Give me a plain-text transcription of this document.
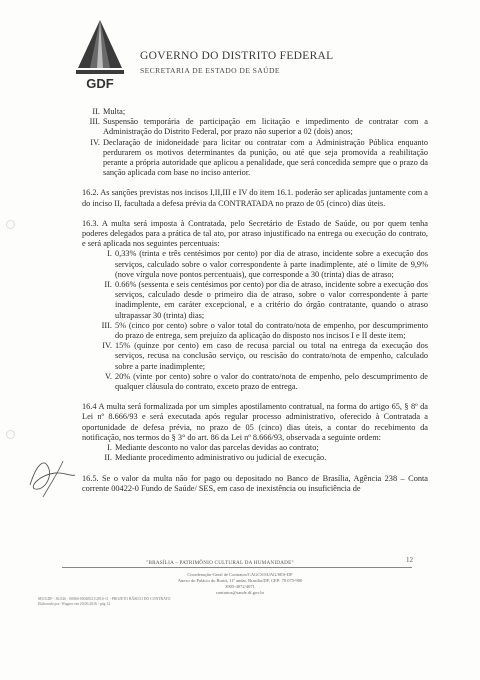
GDF
GOVERNO DO DISTRITO FEDERAL
SECRETARIA DE ESTADO DE SAÚDE
II. Multa;
III. Suspensão temporária de participação em licitação e impedimento de contratar com a Administração do Distrito Federal, por prazo não superior a 02 (dois) anos;
IV. Declaração de inidoneidade para licitar ou contratar com a Administração Pública enquanto perdurarem os motivos determinantes da punição, ou até que seja promovida a reabilitação perante a própria autoridade que aplicou a penalidade, que será concedida sempre que o prazo da sanção aplicada com base no inciso anterior.

16.2. As sanções previstas nos incisos I,II,III e IV do item 16.1. poderão ser aplicadas juntamente com a do inciso II, facultada a defesa prévia da CONTRATADA no prazo de 05 (cinco) dias úteis.

16.3. A multa será imposta à Contratada, pelo Secretário de Estado de Saúde, ou por quem tenha poderes delegados para a prática de tal ato, por atraso injustificado na entrega ou execução do contrato, e será aplicada nos seguintes percentuais:

I. 0,33% (trinta e três centésimos por cento) por dia de atraso, incidente sobre a execução dos serviços, calculado sobre o valor correspondente à parte inadimplente, até o limite de 9,9% (nove vírgula nove pontos percentuais), que corresponde a 30 (trinta) dias de atraso;
II. 0.66% (sessenta e seis centésimos por cento) por dia de atraso, incidente sobre a execução dos serviços, calculado desde o primeiro dia de atraso, sobre o valor correspondente à parte inadimplente, em caráter excepcional, e a critério do órgão contratante, quando o atraso ultrapassar 30 (trinta) dias;
III. 5% (cinco por cento) sobre o valor total do contrato/nota de empenho, por descumprimento do prazo de entrega, sem prejuízo da aplicação do disposto nos incisos I e II deste item;
IV. 15% (quinze por cento) em caso de recusa parcial ou total na entrega da execução dos serviços, recusa na conclusão serviço, ou rescisão do contrato/nota de empenho, calculado sobre a parte inadimplente;
V. 20% (vinte por cento) sobre o valor do contrato/nota de empenho, pelo descumprimento de qualquer cláusula do contrato, exceto prazo de entrega.

16.4 A multa será formalizada por um simples apostilamento contratual, na forma do artigo 65, § 8º da Lei nº 8.666/93 e será executada após regular processo administrativo, oferecido à Contratada a oportunidade de defesa prévia, no prazo de 05 (cinco) dias úteis, a contar do recebimento da notificação, nos termos do § 3° do art. 86 da Lei nº 8.666/93, observada a seguinte ordem:

I. Mediante desconto no valor das parcelas devidas ao contrato;
II. Mediante procedimento administrativo ou judicial de execução.

16.5. Se o valor da multa não for pago ou depositado no Banco de Brasília, Agência 238 – Conta corrente 00422-0 Fundo de Saúde/ SES, em caso de inexistência ou insuficiência de

12
"BRASÍLIA – PATRIMÔNIO CULTURAL DA HUMANIDADE"
Coordenação-Geral de Contratos/CAGCS/SUAG/SES-DF
Anexo do Palácio do Buriti, 11º andar, Brasília/DF, CEP: 70.075-900
3905-4072/4071
contratos@saude.df.gov.br
SEI/GDF - 36.046 - 00060-00048521/2016-11 - PROJETO BÁSICO DO CONTRATO
Elaborado por: Wagner em 20.06.2016 - pág 12
